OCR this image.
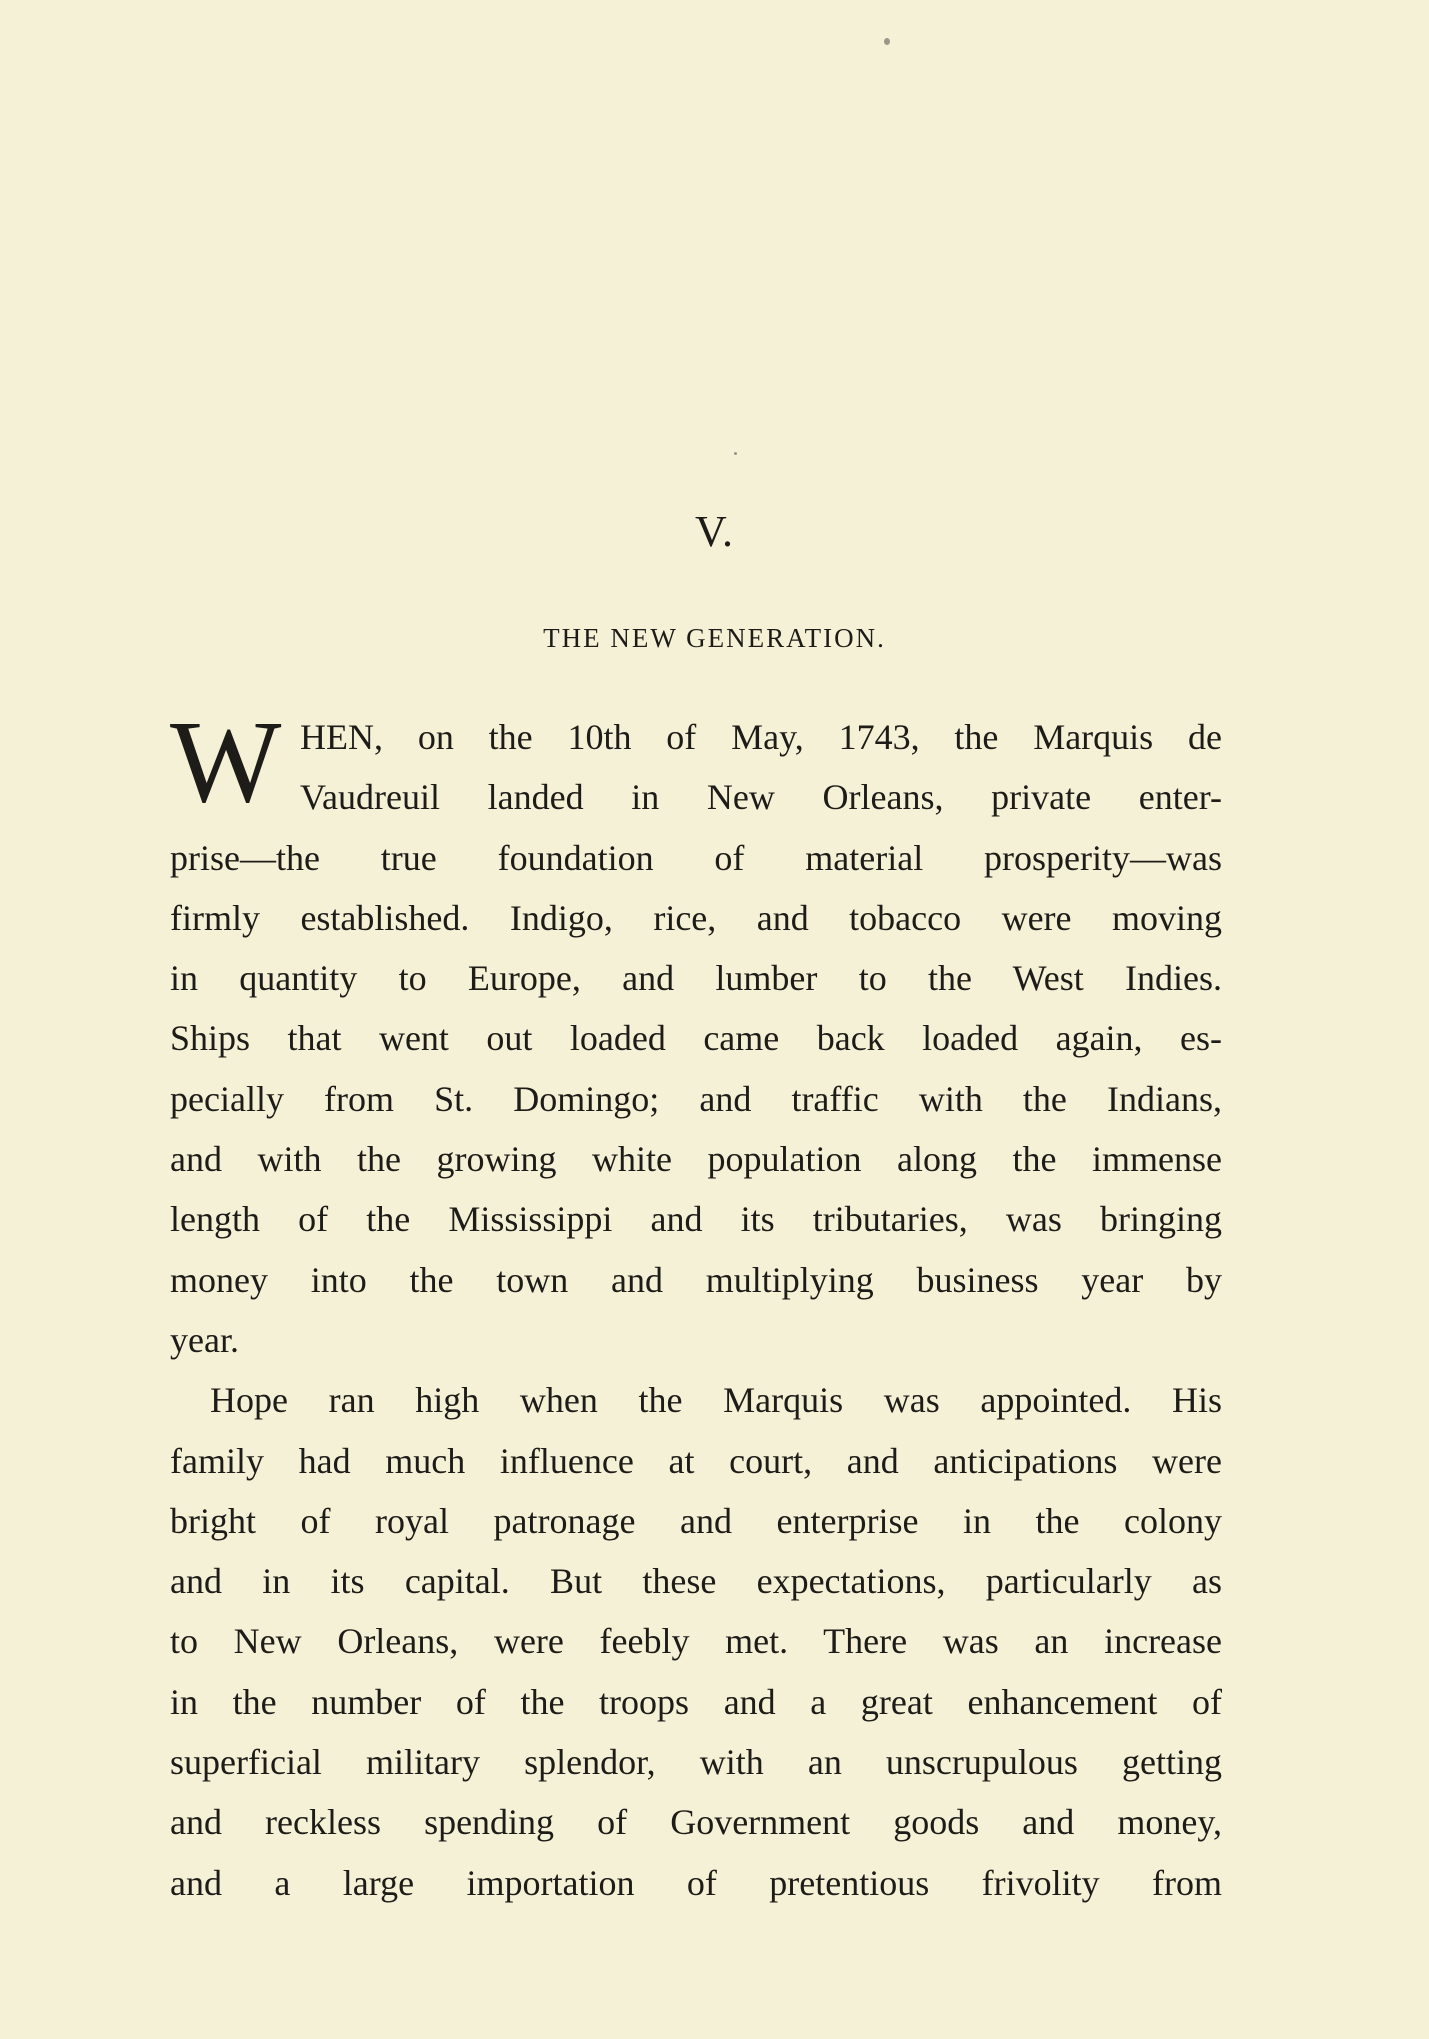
V.
THE NEW GENERATION.
W HEN, on the 10th of May, 1743, the Marquis de
Vaudreuil landed in New Orleans, private enter-
prise—the true foundation of material prosperity—was
firmly established. Indigo, rice, and tobacco were moving
in quantity to Europe, and lumber to the West Indies.
Ships that went out loaded came back loaded again, es-
pecially from St. Domingo; and traffic with the Indians,
and with the growing white population along the immense
length of the Mississippi and its tributaries, was bringing
money into the town and multiplying business year by
year.
Hope ran high when the Marquis was appointed. His
family had much influence at court, and anticipations were
bright of royal patronage and enterprise in the colony
and in its capital. But these expectations, particularly as
to New Orleans, were feebly met. There was an increase
in the number of the troops and a great enhancement of
superficial military splendor, with an unscrupulous getting
and reckless spending of Government goods and money,
and a large importation of pretentious frivolity from
